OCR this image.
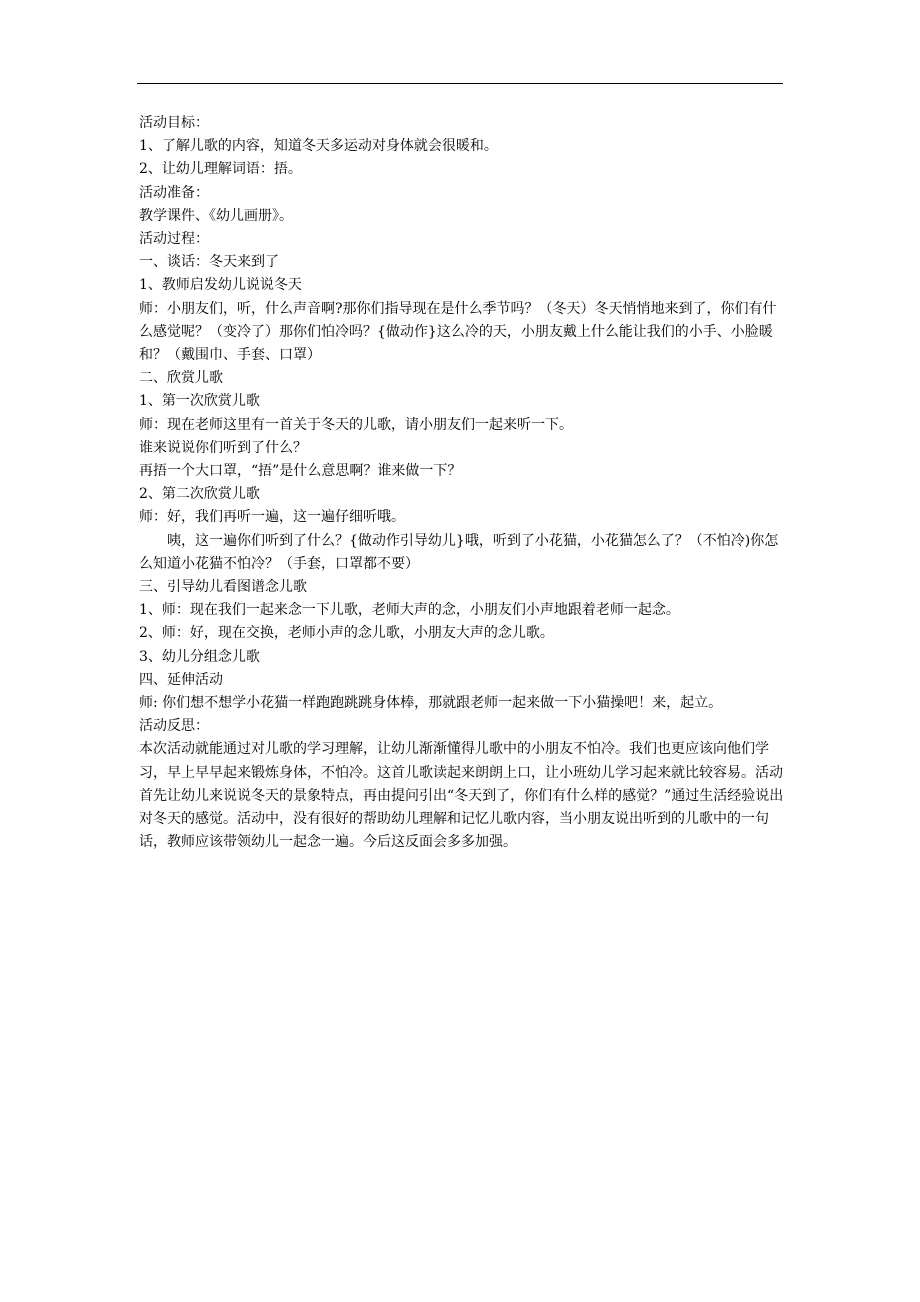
活动目标：

1、了解儿歌的内容，知道冬天多运动对身体就会很暖和。

2、让幼儿理解词语：捂。

活动准备：

教学课件、《幼儿画册》。

活动过程：

一、谈话：冬天来到了

1、教师启发幼儿说说冬天

师：小朋友们，听，什么声音啊?那你们指导现在是什么季节吗？（冬天）冬天悄悄地来到了，你们有什么感觉呢？（变冷了）那你们怕冷吗？{做动作}这么冷的天，小朋友戴上什么能让我们的小手、小脸暖和？（戴围巾、手套、口罩）

二、欣赏儿歌

1、第一次欣赏儿歌

师：现在老师这里有一首关于冬天的儿歌，请小朋友们一起来听一下。

谁来说说你们听到了什么？

再捂一个大口罩，“捂”是什么意思啊？谁来做一下？

2、第二次欣赏儿歌

师：好，我们再听一遍，这一遍仔细听哦。

咦，这一遍你们听到了什么？{做动作引导幼儿}哦，听到了小花猫，小花猫怎么了？（不怕冷)你怎么知道小花猫不怕冷？（手套，口罩都不要）

三、引导幼儿看图谱念儿歌

1、师：现在我们一起来念一下儿歌，老师大声的念，小朋友们小声地跟着老师一起念。

2、师：好，现在交换，老师小声的念儿歌，小朋友大声的念儿歌。

3、幼儿分组念儿歌

四、延伸活动

师: 你们想不想学小花猫一样跑跑跳跳身体棒，那就跟老师一起来做一下小猫操吧！来，起立。

活动反思：

本次活动就能通过对儿歌的学习理解，让幼儿渐渐懂得儿歌中的小朋友不怕冷。我们也更应该向他们学习，早上早早起来锻炼身体，不怕冷。这首儿歌读起来朗朗上口，让小班幼儿学习起来就比较容易。活动首先让幼儿来说说冬天的景象特点，再由提问引出“冬天到了，你们有什么样的感觉？”通过生活经验说出对冬天的感觉。活动中，没有很好的帮助幼儿理解和记忆儿歌内容，当小朋友说出听到的儿歌中的一句话，教师应该带领幼儿一起念一遍。今后这反面会多多加强。
